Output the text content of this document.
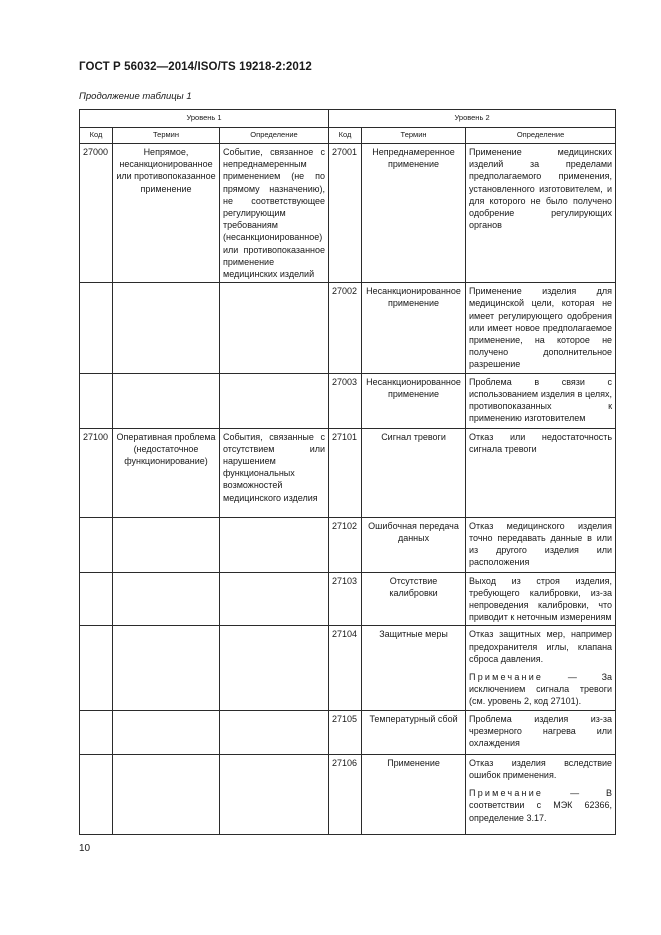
ГОСТ Р 56032—2014/ISO/TS 19218-2:2012
Продолжение таблицы 1
Уровень 1			Уровень 2		
Код	Термин	Определение	Код	Термин	Определение
27000	Непрямое, несанкционированное или противопоказанное применение	Событие, связанное с непреднамеренным применением (не по прямому назначению), не соответствующее регулирующим требованиям (несанкционированное) или противопоказанное применение медицинских изделий	27001	Непреднамеренное применение	Применение медицинских изделий за пределами предполагаемого применения, установленного изготовителем, и для которого не было получено одобрение регулирующих органов
			27002	Несанкционированное применение	Применение изделия для медицинской цели, которая не имеет регулирующего одобрения или имеет новое предполагаемое применение, на которое не получено дополнительное разрешение
			27003	Несанкционированное применение	Проблема в связи с использованием изделия в целях, противопоказанных к применению изготовителем
27100	Оперативная проблема (недостаточное функционирование)	События, связанные с отсутствием или нарушением функциональных возможностей медицинского изделия	27101	Сигнал тревоги	Отказ или недостаточность сигнала тревоги
			27102	Ошибочная передача данных	Отказ медицинского изделия точно передавать данные в или из другого изделия или расположения
			27103	Отсутствие калибровки	Выход из строя изделия, требующего калибровки, из-за непроведения калибровки, что приводит к неточным измерениям
			27104	Защитные меры	Отказ защитных мер, например предохранителя иглы, клапана сброса давления.
Примечание — За исключением сигнала тревоги (см. уровень 2, код 27101).

			27105	Температурный сбой	Проблема изделия из-за чрезмерного нагрева или охлаждения
			27106	Применение	Отказ изделия вследствие ошибок применения.
Примечание — В соответствии с МЭК 62366, определение 3.17.
10
